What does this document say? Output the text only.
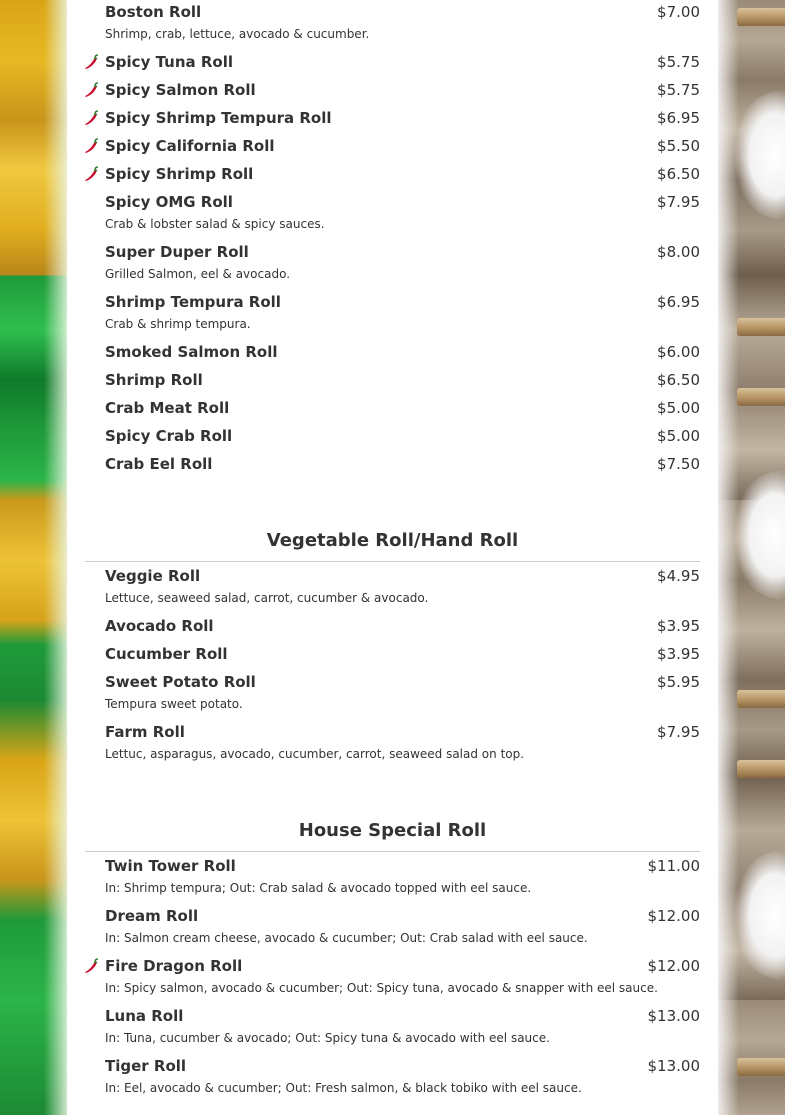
Boston Roll	$7.00
Shrimp, crab, lettuce, avocado & cucumber.
Spicy Tuna Roll	$5.75
Spicy Salmon Roll	$5.75
Spicy Shrimp Tempura Roll	$6.95
Spicy California Roll	$5.50
Spicy Shrimp Roll	$6.50
Spicy OMG Roll	$7.95
Crab & lobster salad & spicy sauces.
Super Duper Roll	$8.00
Grilled Salmon, eel & avocado.
Shrimp Tempura Roll	$6.95
Crab & shrimp tempura.
Smoked Salmon Roll	$6.00
Shrimp Roll	$6.50
Crab Meat Roll	$5.00
Spicy Crab Roll	$5.00
Crab Eel Roll	$7.50
Vegetable Roll/Hand Roll
Veggie Roll	$4.95
Lettuce, seaweed salad, carrot, cucumber & avocado.
Avocado Roll	$3.95
Cucumber Roll	$3.95
Sweet Potato Roll	$5.95
Tempura sweet potato.
Farm Roll	$7.95
Lettuc, asparagus, avocado, cucumber, carrot, seaweed salad on top.
House Special Roll
Twin Tower Roll	$11.00
In: Shrimp tempura; Out: Crab salad & avocado topped with eel sauce.
Dream Roll	$12.00
In: Salmon cream cheese, avocado & cucumber; Out: Crab salad with eel sauce.
Fire Dragon Roll	$12.00
In: Spicy salmon, avocado & cucumber; Out: Spicy tuna, avocado & snapper with eel sauce.
Luna Roll	$13.00
In: Tuna, cucumber & avocado; Out: Spicy tuna & avocado with eel sauce.
Tiger Roll	$13.00
In: Eel, avocado & cucumber; Out: Fresh salmon, & black tobiko with eel sauce.
